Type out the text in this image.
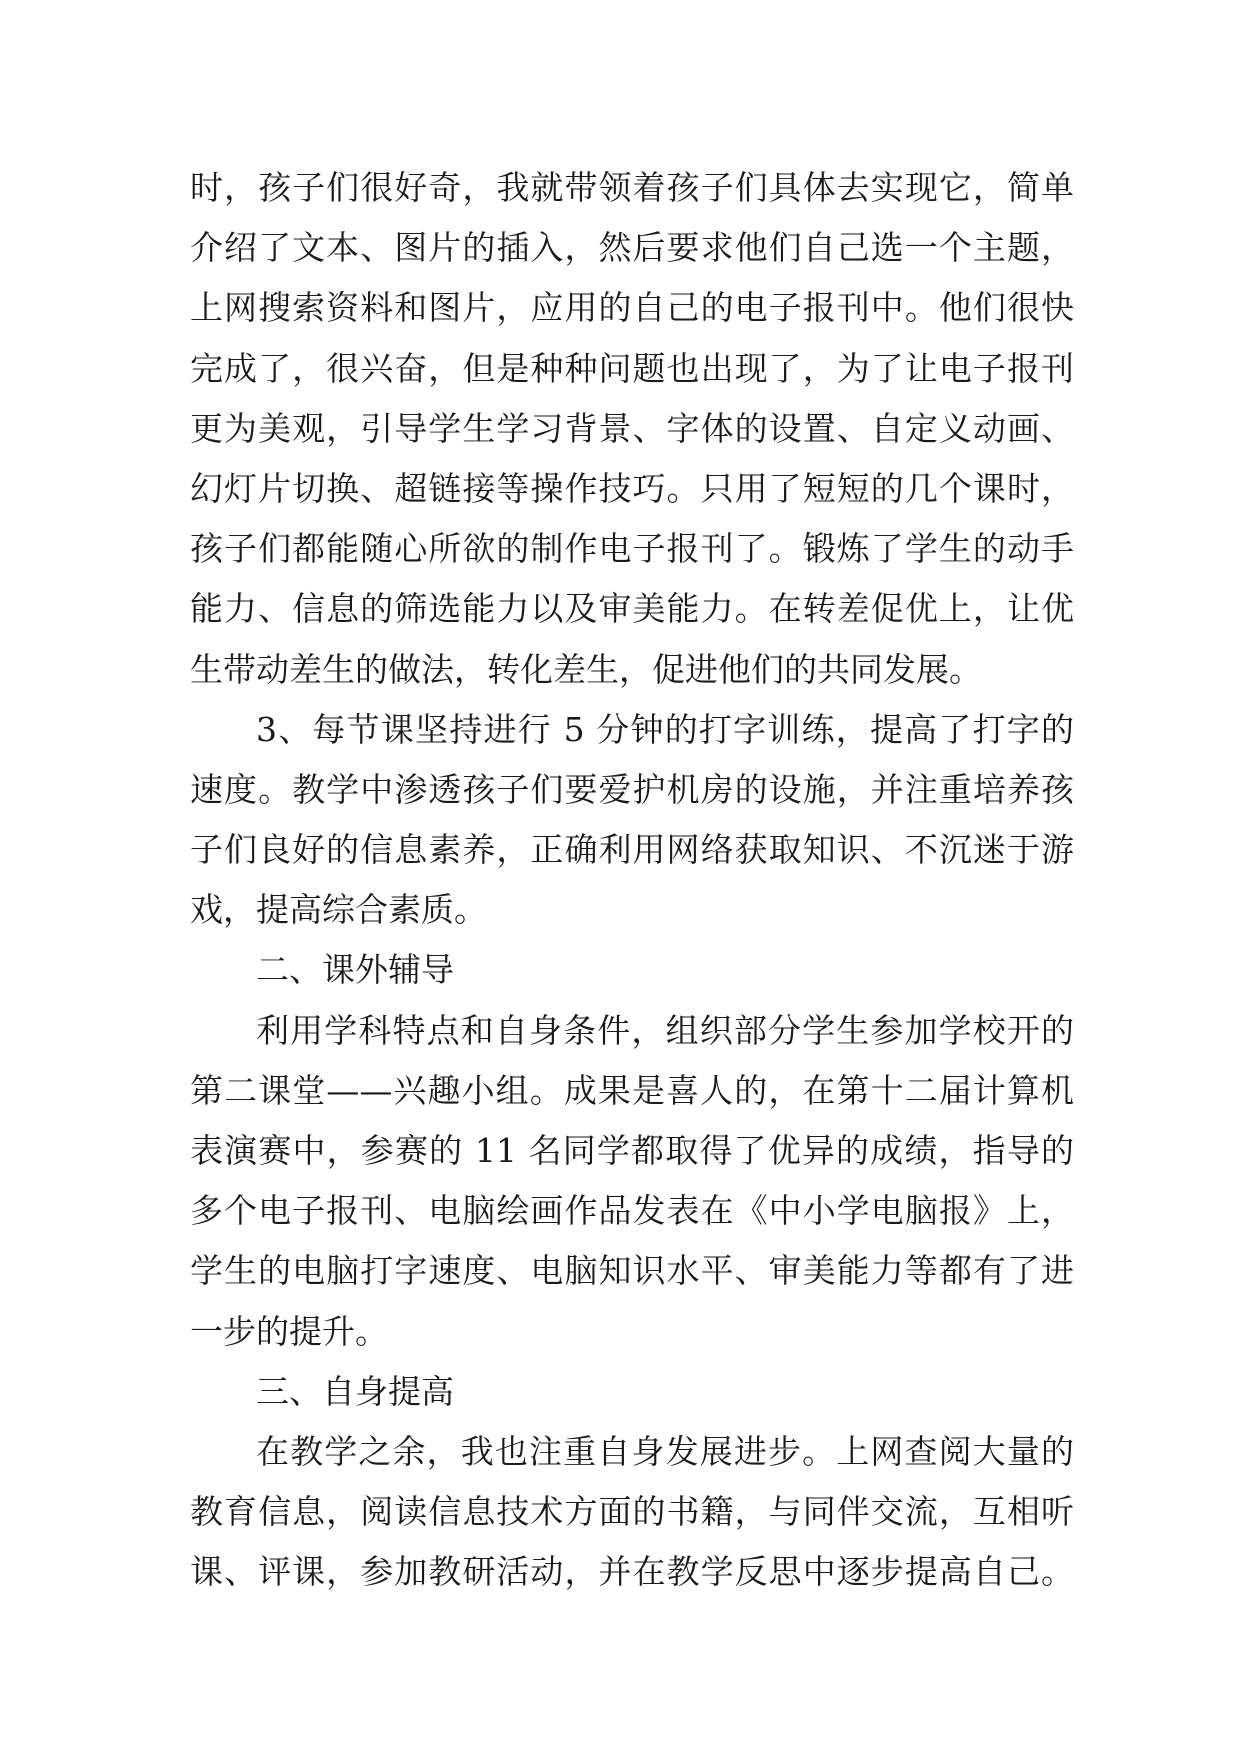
时，孩子们很好奇，我就带领着孩子们具体去实现它，简单
介绍了文本、图片的插入，然后要求他们自己选一个主题，
上网搜索资料和图片，应用的自己的电子报刊中。他们很快
完成了，很兴奋，但是种种问题也出现了，为了让电子报刊
更为美观，引导学生学习背景、字体的设置、自定义动画、
幻灯片切换、超链接等操作技巧。只用了短短的几个课时，
孩子们都能随心所欲的制作电子报刊了。锻炼了学生的动手
能力、信息的筛选能力以及审美能力。在转差促优上，让优
生带动差生的做法，转化差生，促进他们的共同发展。
3、每节课坚持进行 5 分钟的打字训练，提高了打字的
速度。教学中渗透孩子们要爱护机房的设施，并注重培养孩
子们良好的信息素养，正确利用网络获取知识、不沉迷于游
戏，提高综合素质。
二、课外辅导
利用学科特点和自身条件，组织部分学生参加学校开的
第二课堂——兴趣小组。成果是喜人的，在第十二届计算机
表演赛中，参赛的 11 名同学都取得了优异的成绩，指导的
多个电子报刊、电脑绘画作品发表在《中小学电脑报》上，
学生的电脑打字速度、电脑知识水平、审美能力等都有了进
一步的提升。
三、自身提高
在教学之余，我也注重自身发展进步。上网查阅大量的
教育信息，阅读信息技术方面的书籍，与同伴交流，互相听
课、评课，参加教研活动，并在教学反思中逐步提高自己。
